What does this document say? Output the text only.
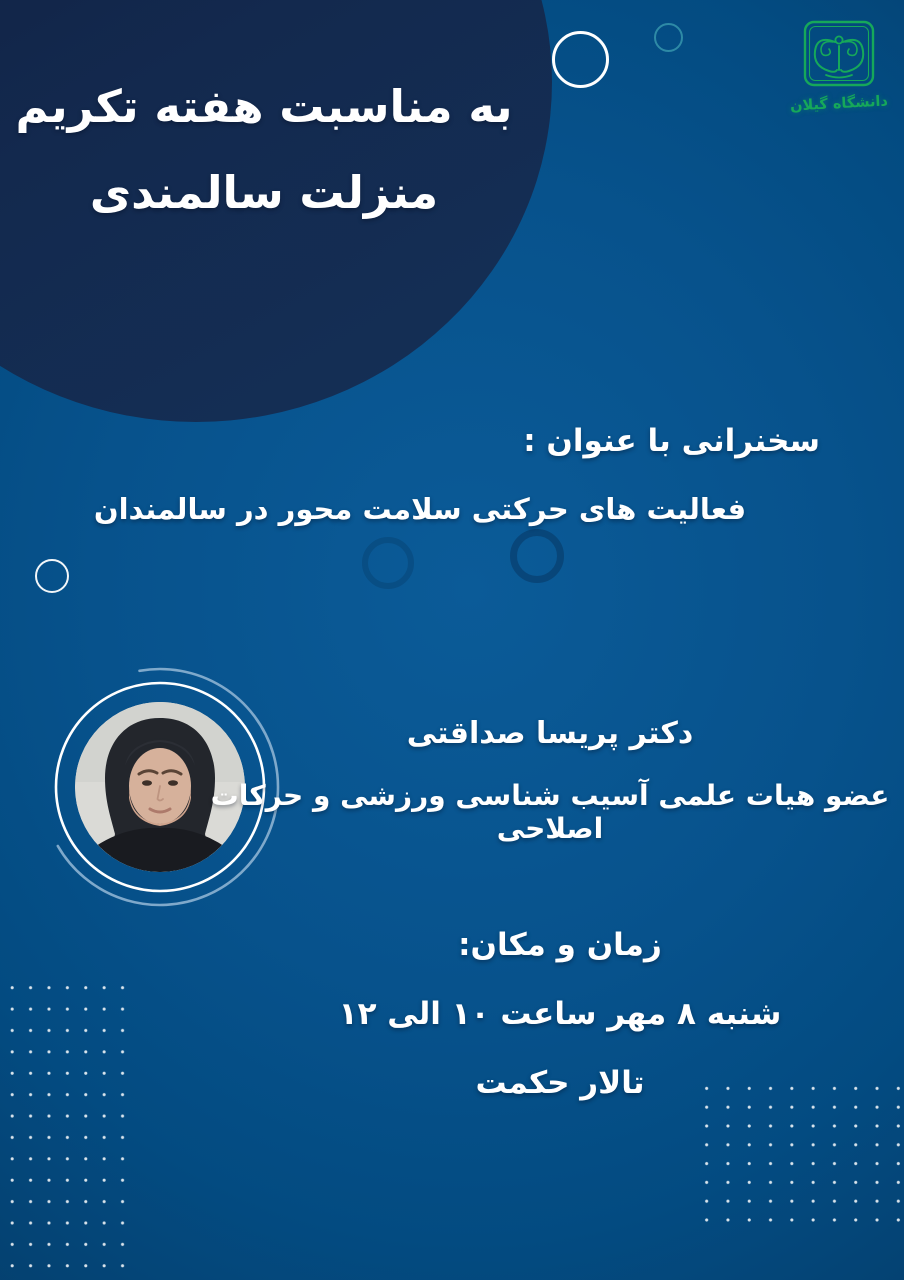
دانشگاه گیلان
به مناسبت هفته تکریم
منزلت سالمندی
سخنرانی با عنوان :
فعالیت های حرکتی سلامت محور در سالمندان
دکتر پریسا صداقتی
عضو هیات علمی آسیب شناسی ورزشی و حرکات اصلاحی
زمان و مکان:
شنبه ۸ مهر ساعت ۱۰ الی ۱۲
تالار حکمت
